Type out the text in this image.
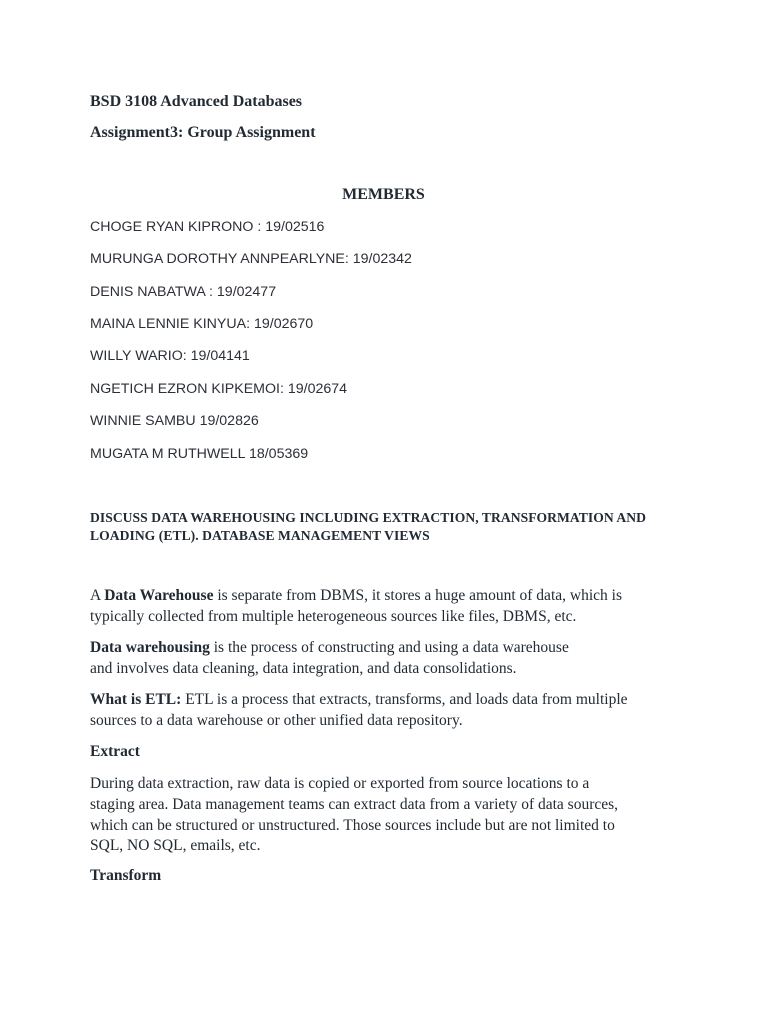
BSD 3108 Advanced Databases
Assignment3: Group Assignment
MEMBERS
CHOGE RYAN KIPRONO : 19/02516
MURUNGA DOROTHY ANNPEARLYNE: 19/02342
DENIS NABATWA : 19/02477
MAINA LENNIE KINYUA: 19/02670
WILLY WARIO: 19/04141
NGETICH EZRON KIPKEMOI: 19/02674
WINNIE SAMBU 19/02826
MUGATA M RUTHWELL 18/05369
DISCUSS DATA WAREHOUSING INCLUDING EXTRACTION, TRANSFORMATION AND
LOADING (ETL). DATABASE MANAGEMENT VIEWS
A Data Warehouse is separate from DBMS, it stores a huge amount of data, which is
typically collected from multiple heterogeneous sources like files, DBMS, etc.
Data warehousing is the process of constructing and using a data warehouse
and involves data cleaning, data integration, and data consolidations.
What is ETL: ETL is a process that extracts, transforms, and loads data from multiple
sources to a data warehouse or other unified data repository.
Extract
During data extraction, raw data is copied or exported from source locations to a
staging area. Data management teams can extract data from a variety of data sources,
which can be structured or unstructured. Those sources include but are not limited to
SQL, NO SQL, emails, etc.
Transform
